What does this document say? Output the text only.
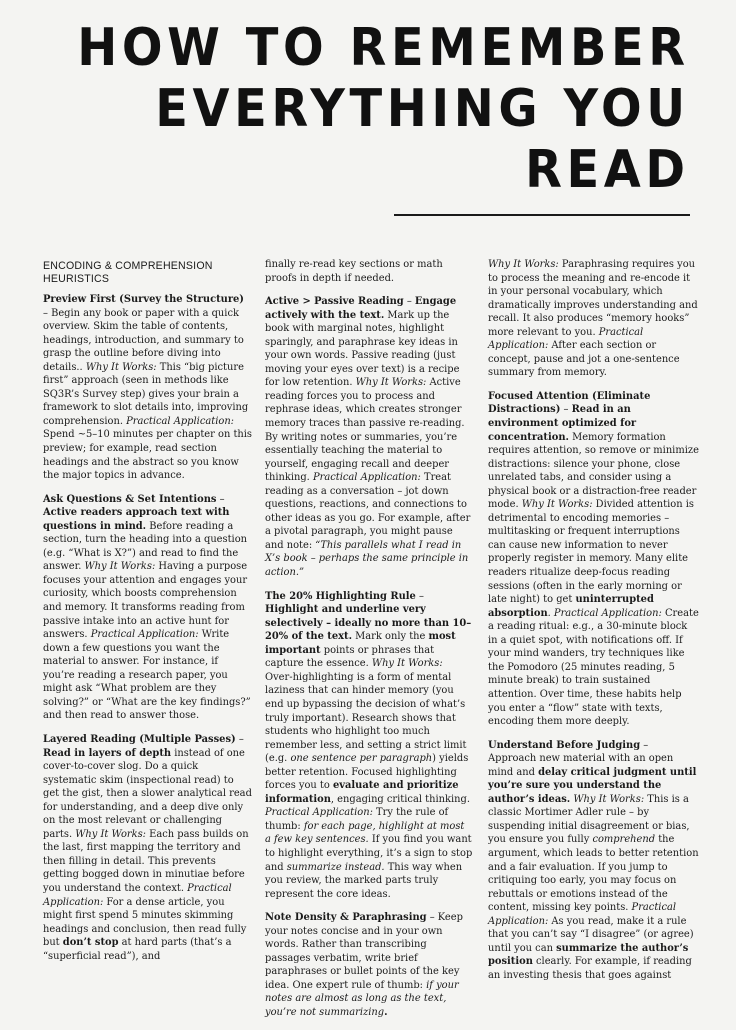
HOW TO REMEMBER
EVERYTHING YOU
READ
ENCODING & COMPREHENSION HEURISTICS

Preview First (Survey the Structure) – Begin any book or paper with a quick overview. Skim the table of contents, headings, introduction, and summary to grasp the outline before diving into details.. Why It Works: This “big picture first” approach (seen in methods like SQ3R’s Survey step) gives your brain a framework to slot details into, improving comprehension. Practical Application: Spend ~5–10 minutes per chapter on this preview; for example, read section headings and the abstract so you know the major topics in advance.

Ask Questions & Set Intentions – Active readers approach text with questions in mind. Before reading a section, turn the heading into a question (e.g. “What is X?”) and read to find the answer. Why It Works: Having a purpose focuses your attention and engages your curiosity, which boosts comprehension and memory. It transforms reading from passive intake into an active hunt for answers. Practical Application: Write down a few questions you want the material to answer. For instance, if you’re reading a research paper, you might ask “What problem are they solving?” or “What are the key findings?” and then read to answer those.

Layered Reading (Multiple Passes) – Read in layers of depth instead of one cover-to-cover slog. Do a quick systematic skim (inspectional read) to get the gist, then a slower analytical read for understanding, and a deep dive only on the most relevant or challenging parts. Why It Works: Each pass builds on the last, first mapping the territory and then filling in detail. This prevents getting bogged down in minutiae before you understand the context. Practical Application: For a dense article, you might first spend 5 minutes skimming headings and conclusion, then read fully but don’t stop at hard parts (that’s a “superficial read”), and

finally re-read key sections or math proofs in depth if needed.

Active > Passive Reading – Engage actively with the text. Mark up the book with marginal notes, highlight sparingly, and paraphrase key ideas in your own words. Passive reading (just moving your eyes over text) is a recipe for low retention. Why It Works: Active reading forces you to process and rephrase ideas, which creates stronger memory traces than passive re-reading. By writing notes or summaries, you’re essentially teaching the material to yourself, engaging recall and deeper thinking. Practical Application: Treat reading as a conversation – jot down questions, reactions, and connections to other ideas as you go. For example, after a pivotal paragraph, you might pause and note: “This parallels what I read in X’s book – perhaps the same principle in action.”

The 20% Highlighting Rule – Highlight and underline very selectively – ideally no more than 10–20% of the text. Mark only the most important points or phrases that capture the essence. Why It Works: Over-highlighting is a form of mental laziness that can hinder memory (you end up bypassing the decision of what’s truly important). Research shows that students who highlight too much remember less, and setting a strict limit (e.g. one sentence per paragraph) yields better retention. Focused highlighting forces you to evaluate and prioritize information, engaging critical thinking. Practical Application: Try the rule of thumb: for each page, highlight at most a few key sentences. If you find you want to highlight everything, it’s a sign to stop and summarize instead. This way when you review, the marked parts truly represent the core ideas.

Note Density & Paraphrasing – Keep your notes concise and in your own words. Rather than transcribing passages verbatim, write brief paraphrases or bullet points of the key idea. One expert rule of thumb: if your notes are almost as long as the text, you’re not summarizing.

Why It Works: Paraphrasing requires you to process the meaning and re-encode it in your personal vocabulary, which dramatically improves understanding and recall. It also produces “memory hooks” more relevant to you. Practical Application: After each section or concept, pause and jot a one-sentence summary from memory.

Focused Attention (Eliminate Distractions) – Read in an environment optimized for concentration. Memory formation requires attention, so remove or minimize distractions: silence your phone, close unrelated tabs, and consider using a physical book or a distraction-free reader mode. Why It Works: Divided attention is detrimental to encoding memories – multitasking or frequent interruptions can cause new information to never properly register in memory. Many elite readers ritualize deep-focus reading sessions (often in the early morning or late night) to get uninterrupted absorption. Practical Application: Create a reading ritual: e.g., a 30-minute block in a quiet spot, with notifications off. If your mind wanders, try techniques like the Pomodoro (25 minutes reading, 5 minute break) to train sustained attention. Over time, these habits help you enter a “flow” state with texts, encoding them more deeply.

Understand Before Judging – Approach new material with an open mind and delay critical judgment until you’re sure you understand the author’s ideas. Why It Works: This is a classic Mortimer Adler rule – by suspending initial disagreement or bias, you ensure you fully comprehend the argument, which leads to better retention and a fair evaluation. If you jump to critiquing too early, you may focus on rebuttals or emotions instead of the content, missing key points. Practical Application: As you read, make it a rule that you can’t say “I disagree” (or agree) until you can summarize the author’s position clearly. For example, if reading an investing thesis that goes against
